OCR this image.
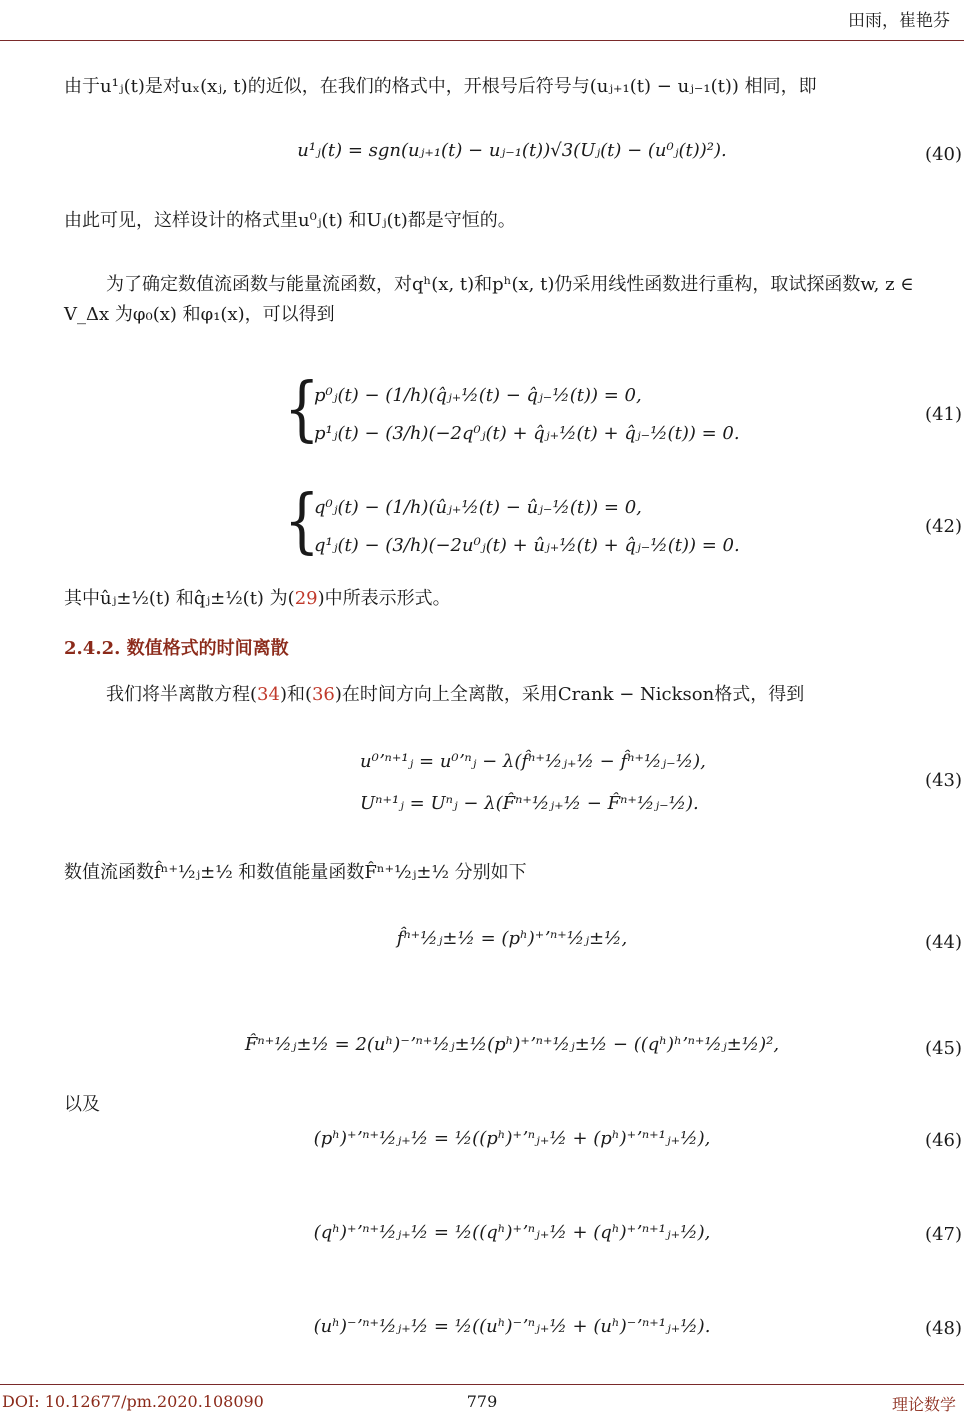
田雨，崔艳芬
由于u¹ⱼ(t)是对uₓ(xⱼ, t)的近似，在我们的格式中，开根号后符号与(uⱼ₊₁(t) − uⱼ₋₁(t)) 相同，即
u¹ⱼ(t) = sgn(uⱼ₊₁(t) − uⱼ₋₁(t))√3(Uⱼ(t) − (u⁰ⱼ(t))²).	(40)
由此可见，这样设计的格式里u⁰ⱼ(t) 和Uⱼ(t)都是守恒的。
为了确定数值流函数与能量流函数，对qʰ(x, t)和pʰ(x, t)仍采用线性函数进行重构，取试探函数w, z ∈ V_Δx 为φ₀(x) 和φ₁(x)，可以得到
{
p⁰ⱼ(t) − (1/h)(q̂ⱼ₊½(t) − q̂ⱼ₋½(t)) = 0,
p¹ⱼ(t) − (3/h)(−2q⁰ⱼ(t) + q̂ⱼ₊½(t) + q̂ⱼ₋½(t)) = 0.
(41)
{
q⁰ⱼ(t) − (1/h)(ûⱼ₊½(t) − ûⱼ₋½(t)) = 0,
q¹ⱼ(t) − (3/h)(−2u⁰ⱼ(t) + ûⱼ₊½(t) + q̂ⱼ₋½(t)) = 0.
(42)
其中ûⱼ±½(t) 和q̂ⱼ±½(t) 为(29)中所表示形式。
2.4.2. 数值格式的时间离散
我们将半离散方程(34)和(36)在时间方向上全离散，采用Crank − Nickson格式，得到
u⁰ʼⁿ⁺¹ⱼ = u⁰ʼⁿⱼ − λ(f̂ⁿ⁺½ⱼ₊½ − f̂ⁿ⁺½ⱼ₋½),
Uⁿ⁺¹ⱼ = Uⁿⱼ − λ(F̂ⁿ⁺½ⱼ₊½ − F̂ⁿ⁺½ⱼ₋½).
(43)
数值流函数f̂ⁿ⁺½ⱼ±½ 和数值能量函数F̂ⁿ⁺½ⱼ±½ 分别如下
f̂ⁿ⁺½ⱼ±½ = (pʰ)⁺ʼⁿ⁺½ⱼ±½,	(44)
F̂ⁿ⁺½ⱼ±½ = 2(uʰ)⁻ʼⁿ⁺½ⱼ±½(pʰ)⁺ʼⁿ⁺½ⱼ±½ − ((qʰ)ʰʼⁿ⁺½ⱼ±½)²,	(45)
以及
(pʰ)⁺ʼⁿ⁺½ⱼ₊½ = ½((pʰ)⁺ʼⁿⱼ₊½ + (pʰ)⁺ʼⁿ⁺¹ⱼ₊½),	(46)
(qʰ)⁺ʼⁿ⁺½ⱼ₊½ = ½((qʰ)⁺ʼⁿⱼ₊½ + (qʰ)⁺ʼⁿ⁺¹ⱼ₊½),	(47)
(uʰ)⁻ʼⁿ⁺½ⱼ₊½ = ½((uʰ)⁻ʼⁿⱼ₊½ + (uʰ)⁻ʼⁿ⁺¹ⱼ₊½).	(48)
DOI: 10.12677/pm.2020.108090	779	理论数学
